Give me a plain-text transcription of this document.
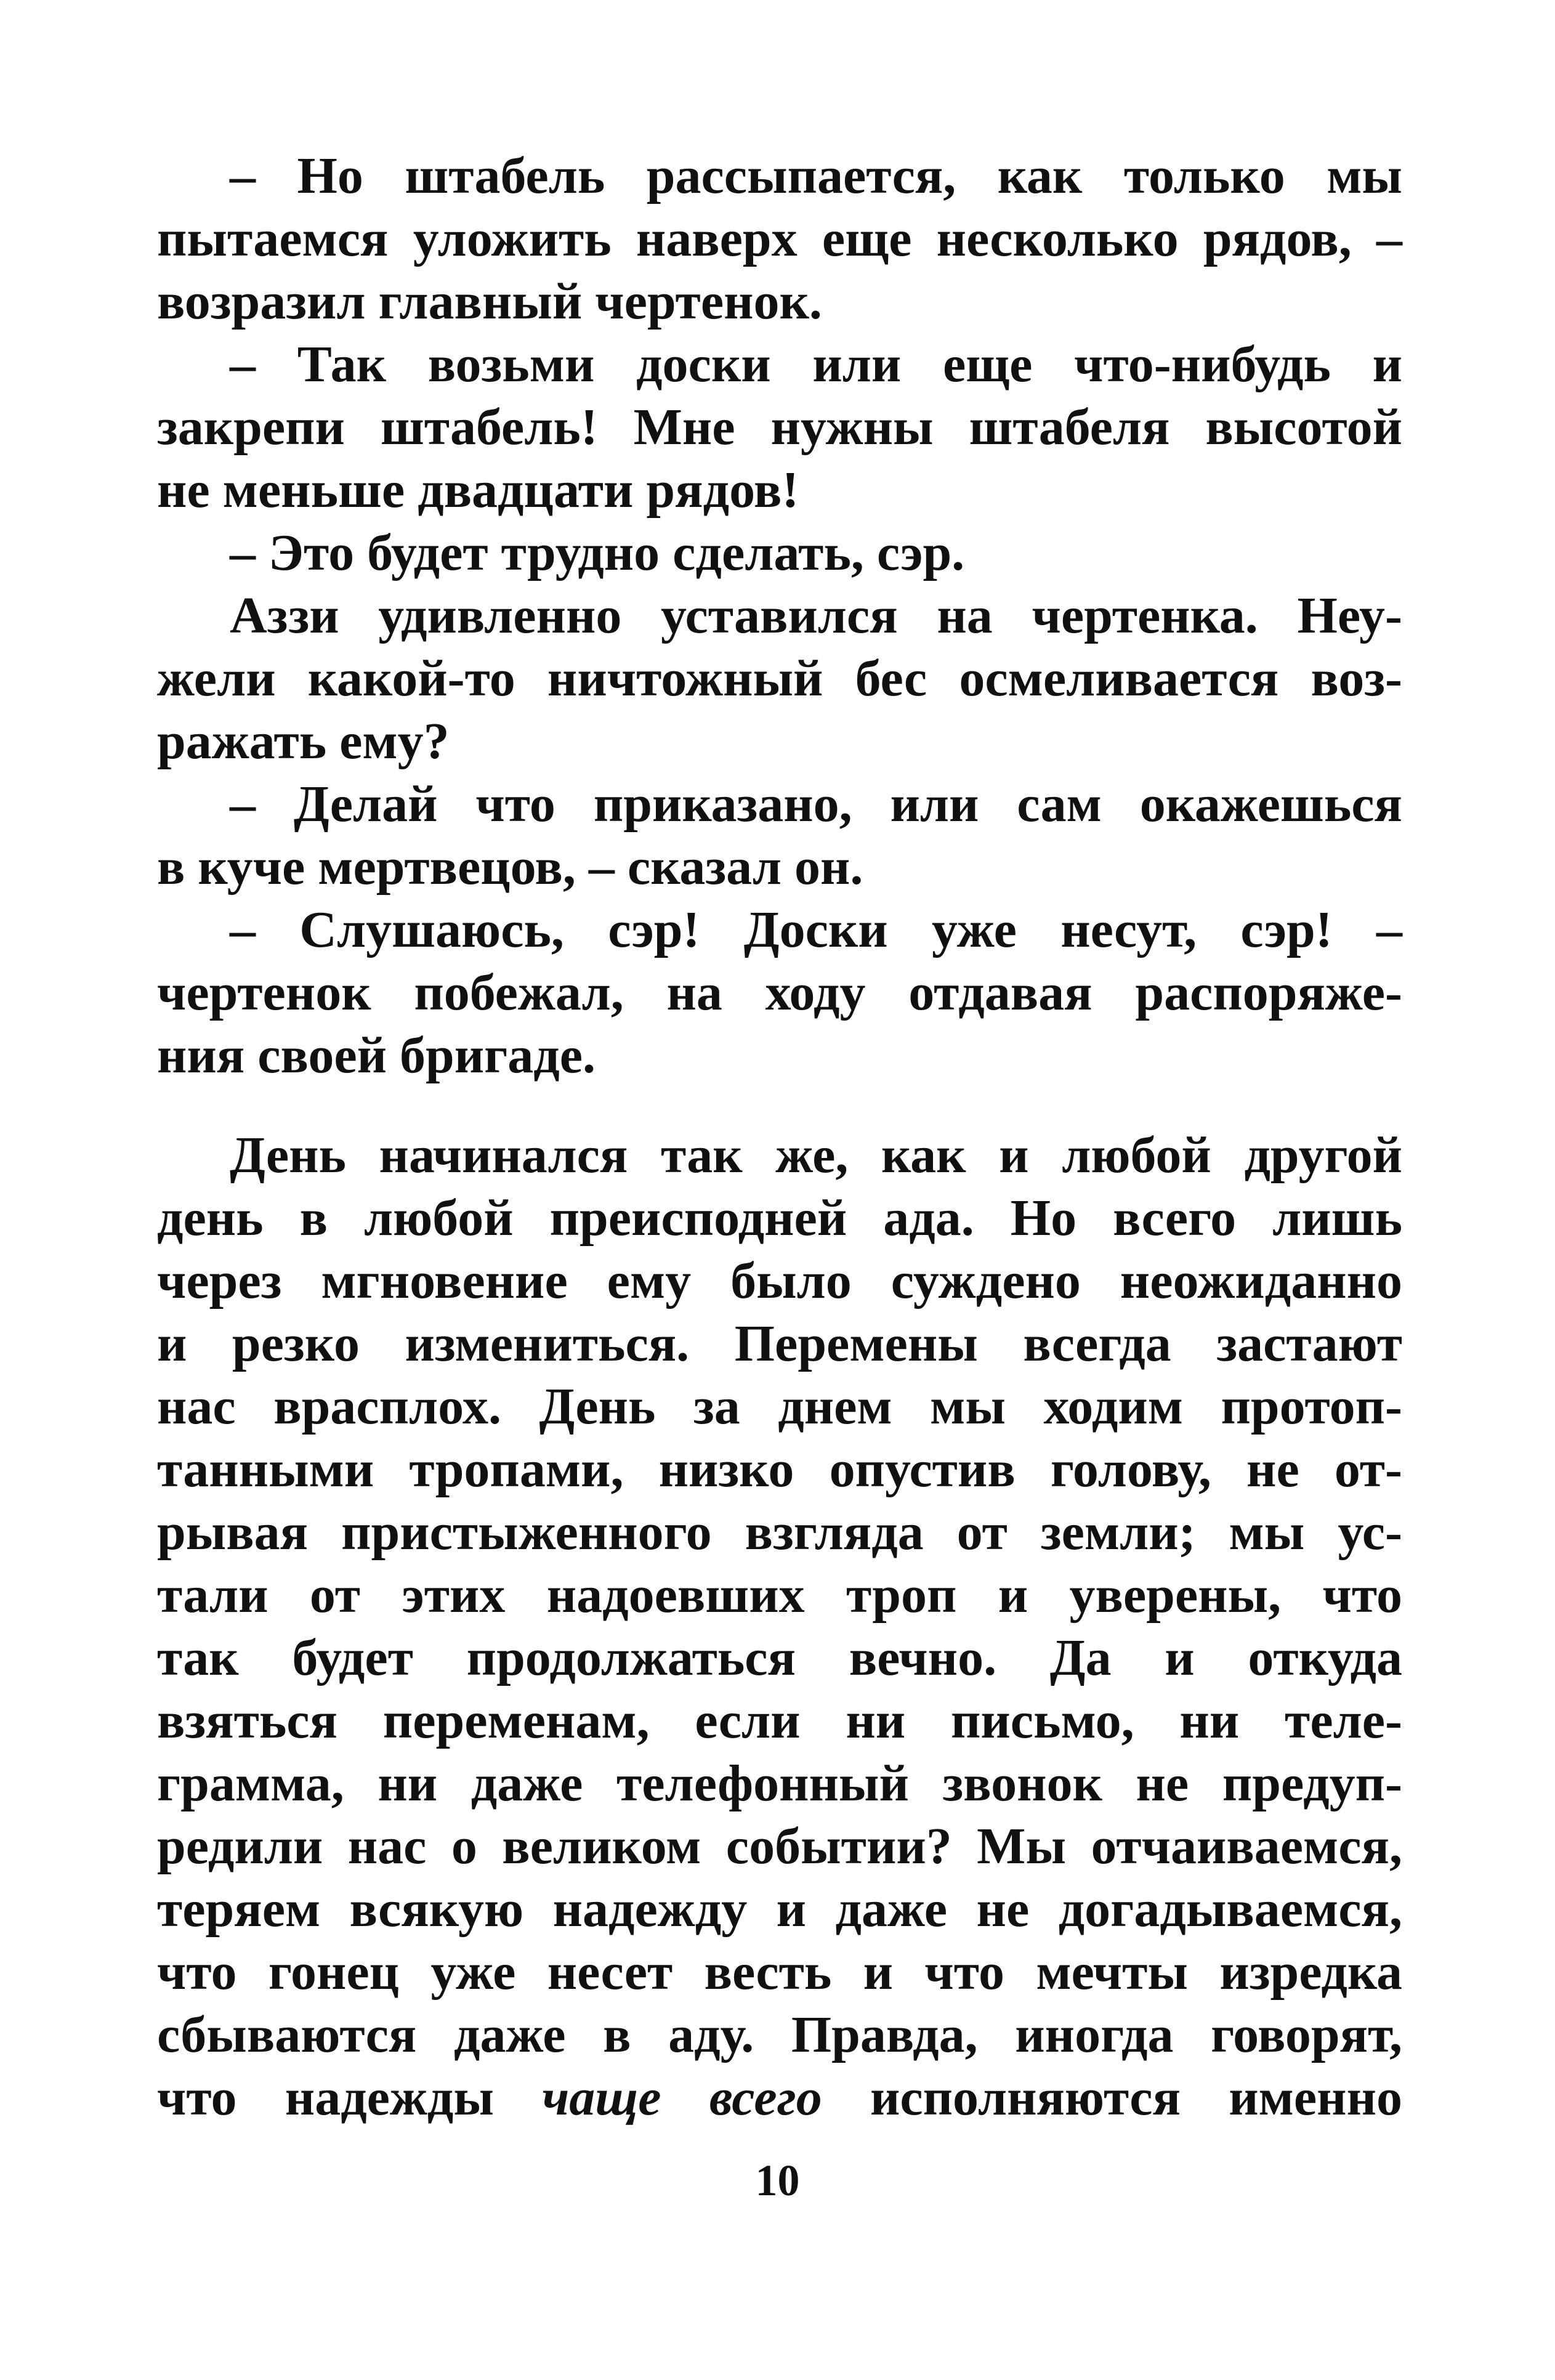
– Но штабель рассыпается, как только мы
пытаемся уложить наверх еще несколько рядов, –
возразил главный чертенок.
– Так возьми доски или еще что-нибудь и
закрепи штабель! Мне нужны штабеля высотой
не меньше двадцати рядов!
– Это будет трудно сделать, сэр.
Аззи удивленно уставился на чертенка. Неу-
жели какой-то ничтожный бес осмеливается воз-
ражать ему?
– Делай что приказано, или сам окажешься
в куче мертвецов, – сказал он.
– Слушаюсь, сэр! Доски уже несут, сэр! –
чертенок побежал, на ходу отдавая распоряже-
ния своей бригаде.
День начинался так же, как и любой другой
день в любой преисподней ада. Но всего лишь
через мгновение ему было суждено неожиданно
и резко измениться. Перемены всегда застают
нас врасплох. День за днем мы ходим протоп-
танными тропами, низко опустив голову, не от-
рывая пристыженного взгляда от земли; мы ус-
тали от этих надоевших троп и уверены, что
так будет продолжаться вечно. Да и откуда
взяться переменам, если ни письмо, ни теле-
грамма, ни даже телефонный звонок не предуп-
редили нас о великом событии? Мы отчаиваемся,
теряем всякую надежду и даже не догадываемся,
что гонец уже несет весть и что мечты изредка
сбываются даже в аду. Правда, иногда говорят,
что надежды чаще всего исполняются именно
10
